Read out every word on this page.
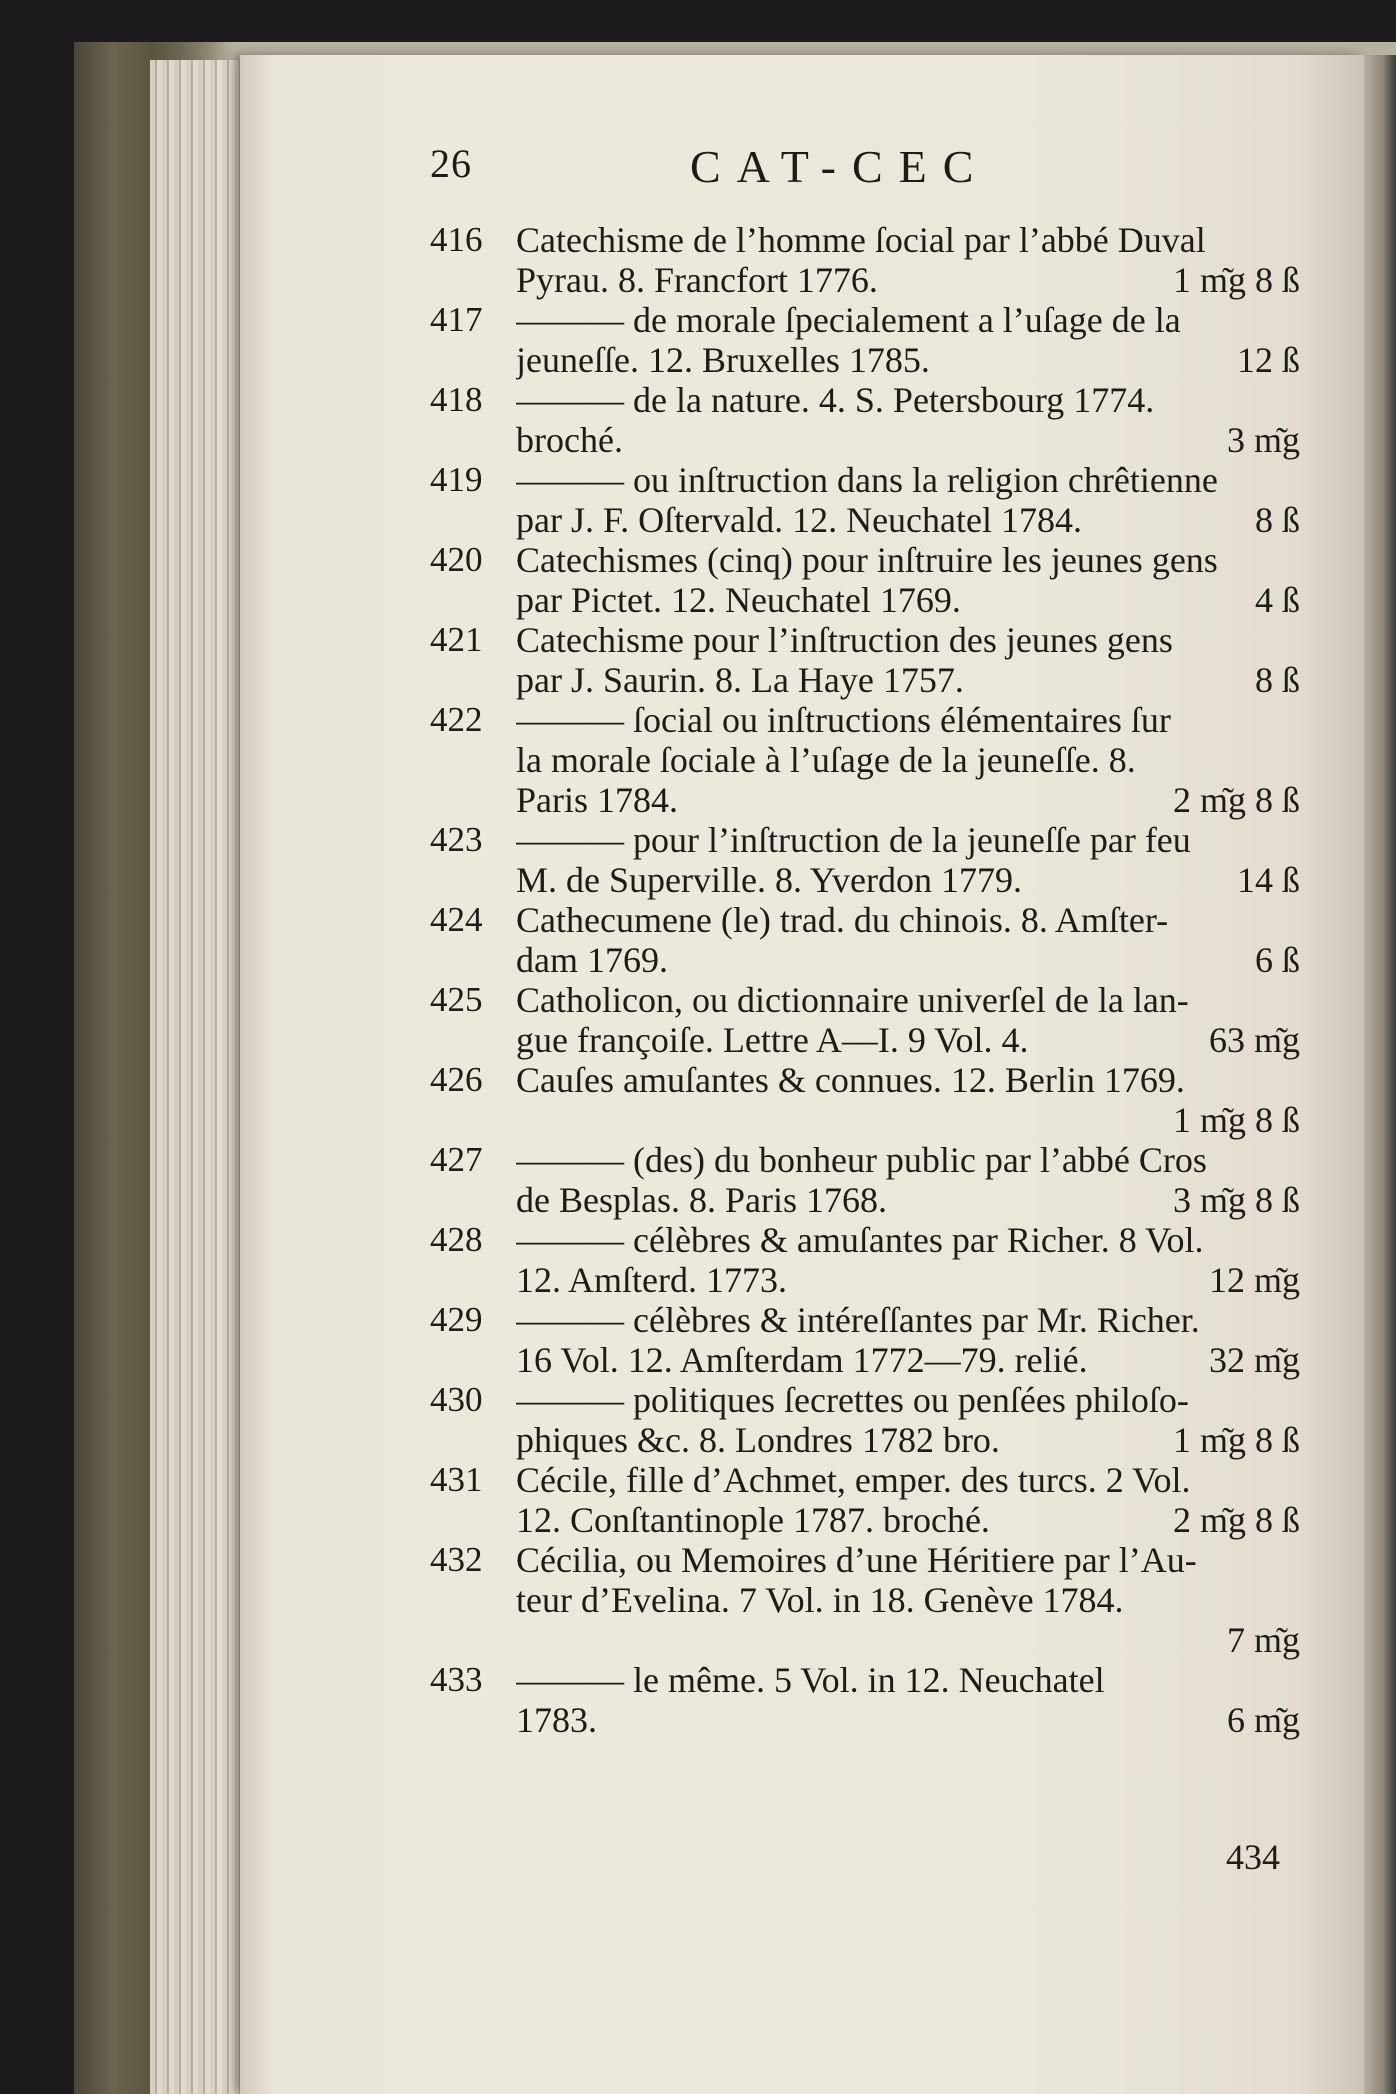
26	CAT-CEC
416 Catechisme de l’homme ſocial par l’abbé Duval
Pyrau. 8. Francfort 1776.	1 m͂g 8 ß
417 ——— de morale ſpecialement a l’uſage de la
jeuneſſe. 12. Bruxelles 1785.	12 ß
418 ——— de la nature. 4. S. Petersbourg 1774.
broché.	3 m͂g
419 ——— ou inſtruction dans la religion chrêtienne
par J. F. Oſtervald. 12. Neuchatel 1784.	8 ß
420 Catechismes (cinq) pour inſtruire les jeunes gens
par Pictet. 12. Neuchatel 1769.	4 ß
421 Catechisme pour l’inſtruction des jeunes gens
par J. Saurin. 8. La Haye 1757.	8 ß
422 ——— ſocial ou inſtructions élémentaires ſur
la morale ſociale à l’uſage de la jeuneſſe. 8.
Paris 1784.	2 m͂g 8 ß
423 ——— pour l’inſtruction de la jeuneſſe par feu
M. de Superville. 8. Yverdon 1779.	14 ß
424 Cathecumene (le) trad. du chinois. 8. Amſter-
dam 1769.	6 ß
425 Catholicon, ou dictionnaire univerſel de la lan-
gue françoiſe. Lettre A—I. 9 Vol. 4.	63 m͂g
426 Cauſes amuſantes & connues. 12. Berlin 1769.
1 m͂g 8 ß
427 ——— (des) du bonheur public par l’abbé Cros
de Besplas. 8. Paris 1768.	3 m͂g 8 ß
428 ——— célèbres & amuſantes par Richer. 8 Vol.
12. Amſterd. 1773.	12 m͂g
429 ——— célèbres & intéreſſantes par Mr. Richer.
16 Vol. 12. Amſterdam 1772—79. relié.	32 m͂g
430 ——— politiques ſecrettes ou penſées philoſo-
phiques &c. 8. Londres 1782 bro.	1 m͂g 8 ß
431 Cécile, fille d’Achmet, emper. des turcs. 2 Vol.
12. Conſtantinople 1787. broché.	2 m͂g 8 ß
432 Cécilia, ou Memoires d’une Héritiere par l’Au-
teur d’Evelina. 7 Vol. in 18. Genève 1784.
7 m͂g
433 ——— le même. 5 Vol. in 12. Neuchatel
1783.	6 m͂g
434
